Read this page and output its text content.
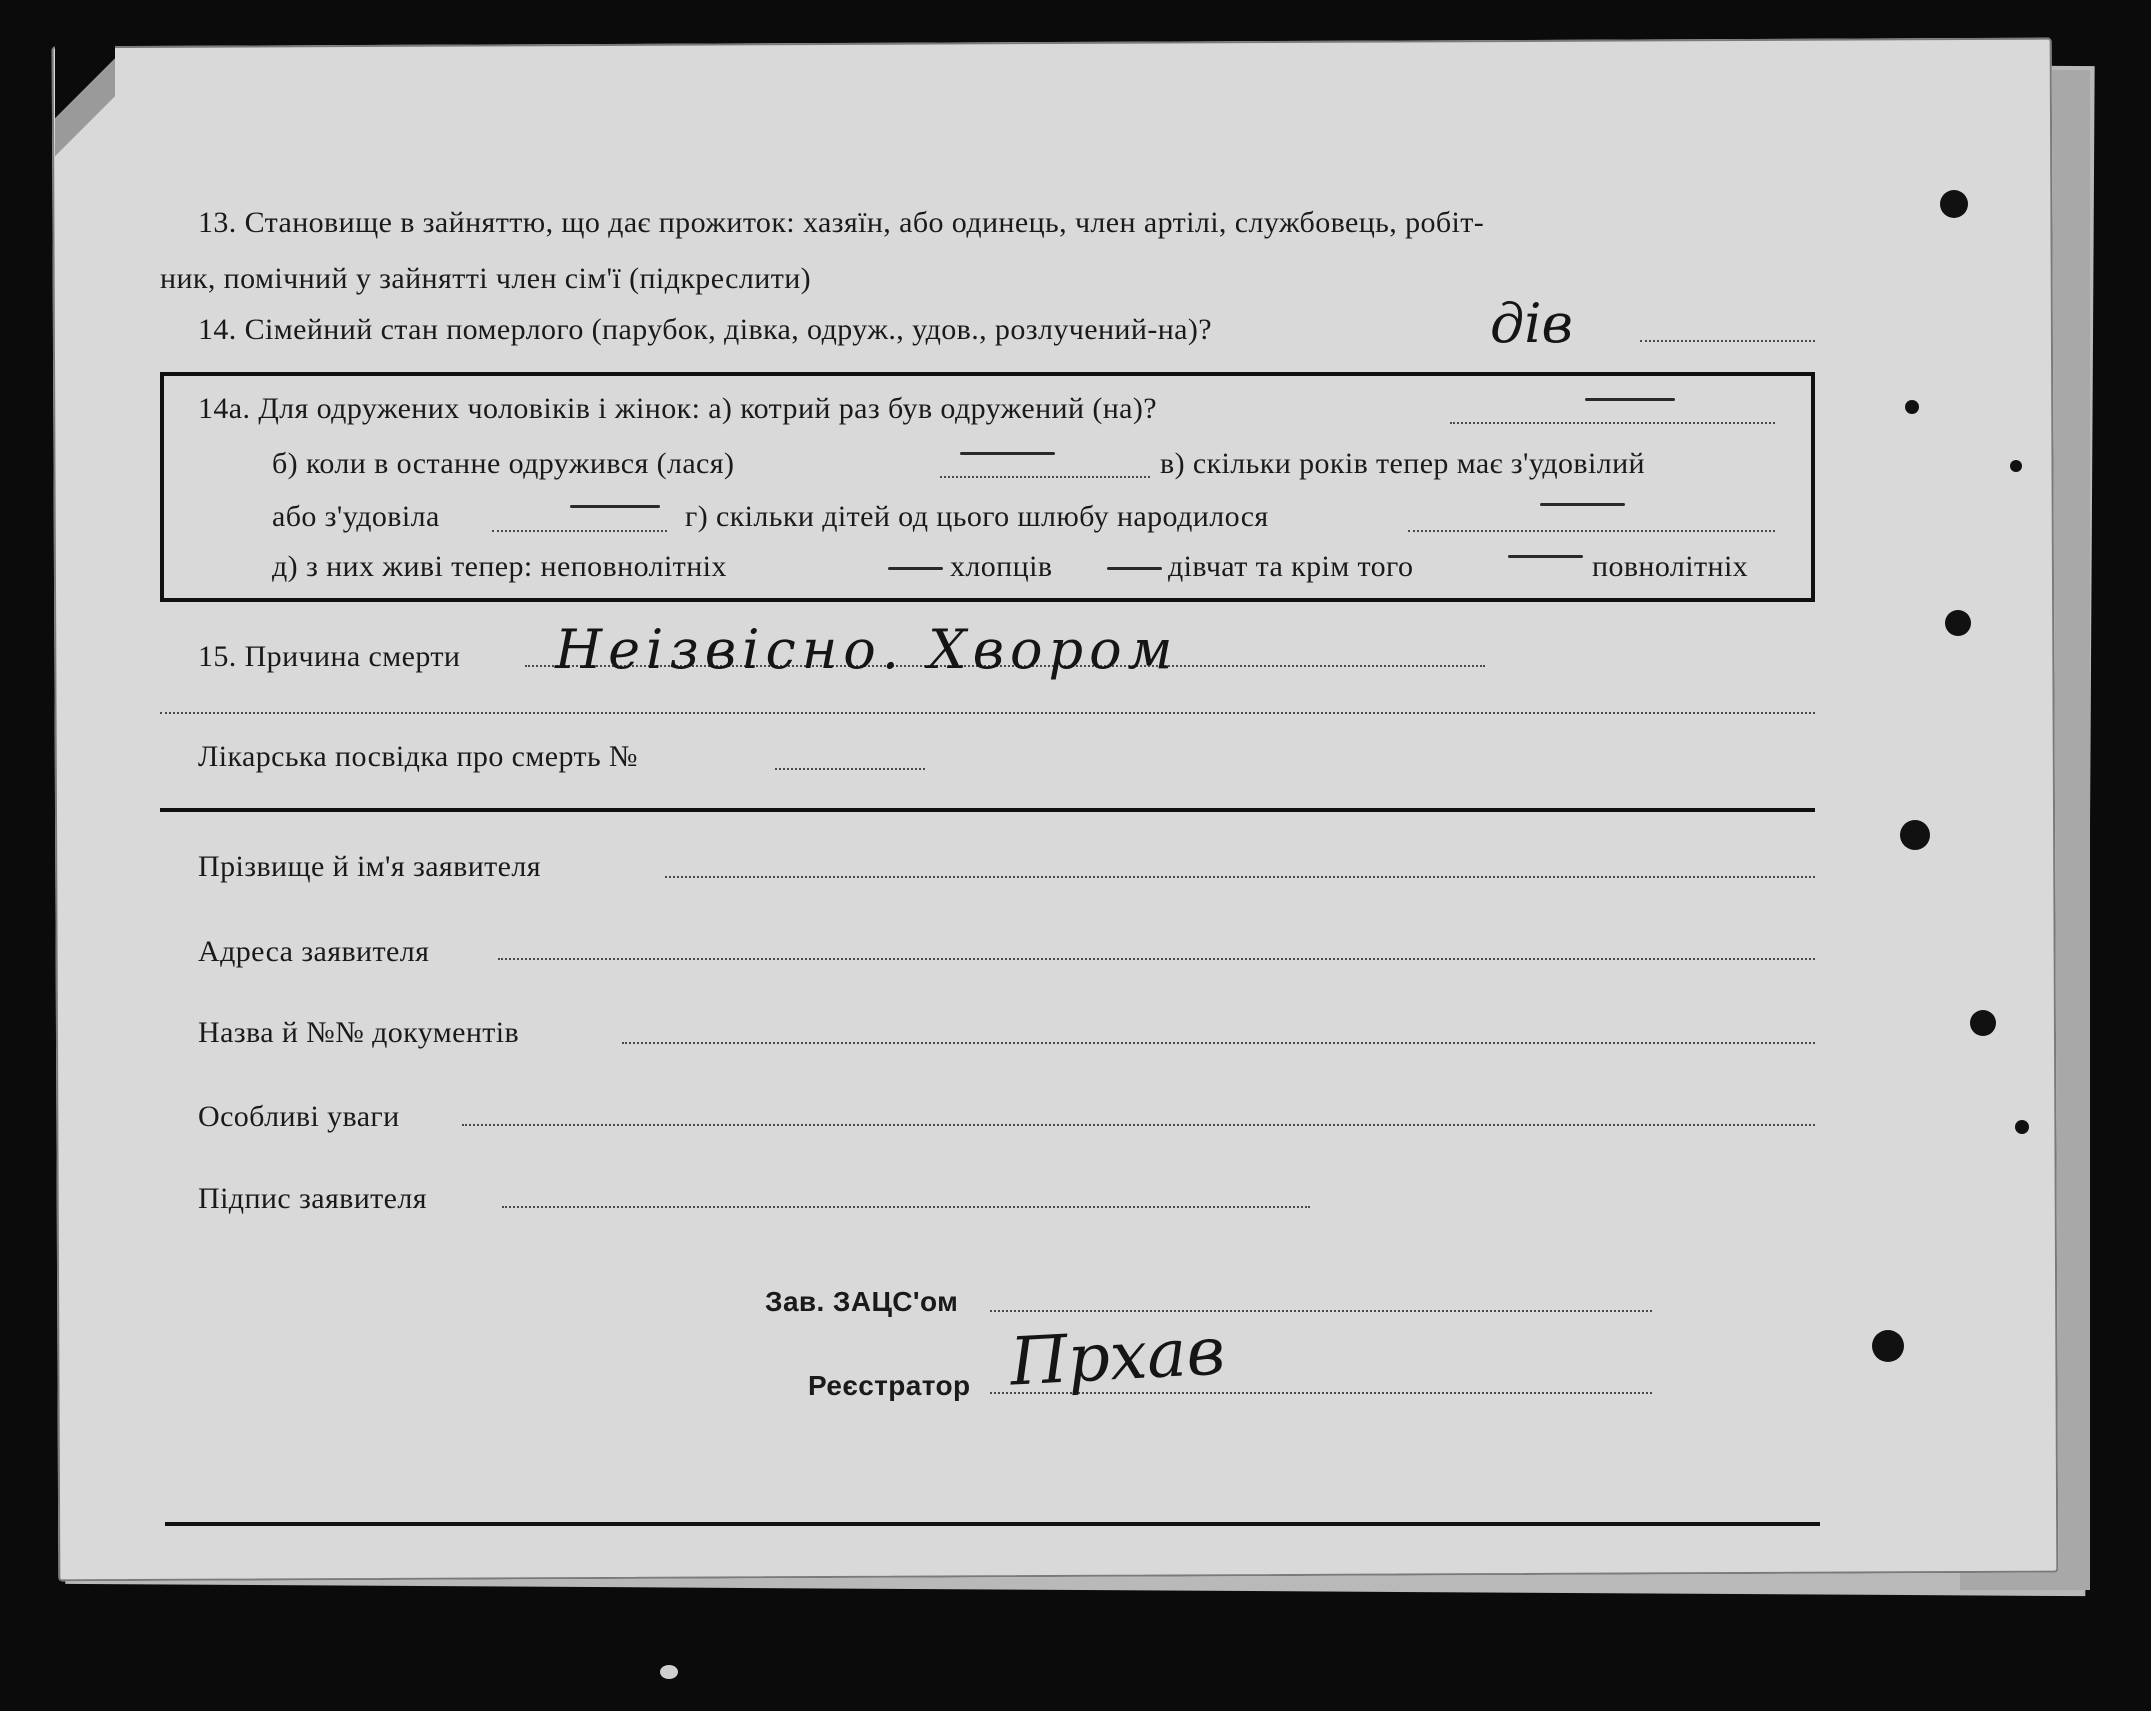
13. Становище в зайняттю, що дає прожиток: хазяїн, або одинець, член артілі, службовець, робіт-
ник, помічний у зайнятті член сім'ї (підкреслити)
14. Сімейний стан померлого (парубок, дівка, одруж., удов., розлучений-на)?	дів
14а. Для одружених чоловіків і жінок: а) котрий раз був одружений (на)?
б) коли в останне одружився (лася)	в) скільки років тепер має з'удовілий
або з'удовіла	г) скільки дітей од цього шлюбу народилося
д) з них живі тепер: неповнолітніх	хлопців	дівчат та крім того	повнолітніх
15. Причина смерти Неізвісно. Хворoм
Лікарська посвідка про смерть №
Прізвище й ім'я заявителя
Адреса заявителя
Назва й №№ документів
Особливі уваги
Підпис заявителя
Зав. ЗАЦС'ом
Реєстратор Прхав
